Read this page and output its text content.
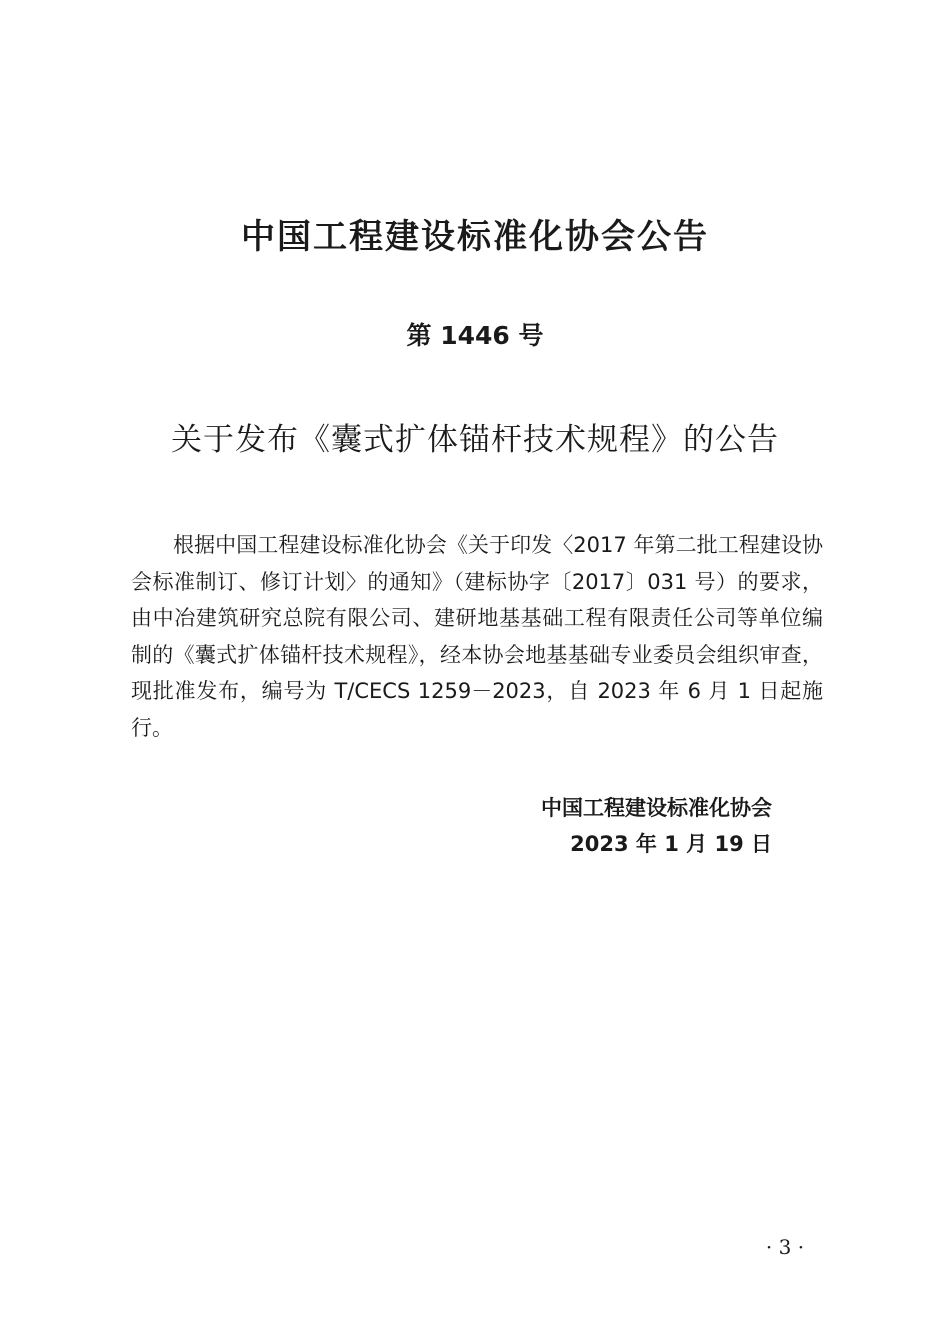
中国工程建设标准化协会公告
第 1446 号
关于发布《囊式扩体锚杆技术规程》的公告
根据中国工程建设标准化协会《关于印发〈2017 年第二批工程建设协会标准制订、修订计划〉的通知》（建标协字〔2017〕031 号）的要求，由中冶建筑研究总院有限公司、建研地基基础工程有限责任公司等单位编制的《囊式扩体锚杆技术规程》，经本协会地基基础专业委员会组织审查，现批准发布，编号为 T/CECS 1259－2023，自 2023 年 6 月 1 日起施行。
中国工程建设标准化协会
2023 年 1 月 19 日
· 3 ·
